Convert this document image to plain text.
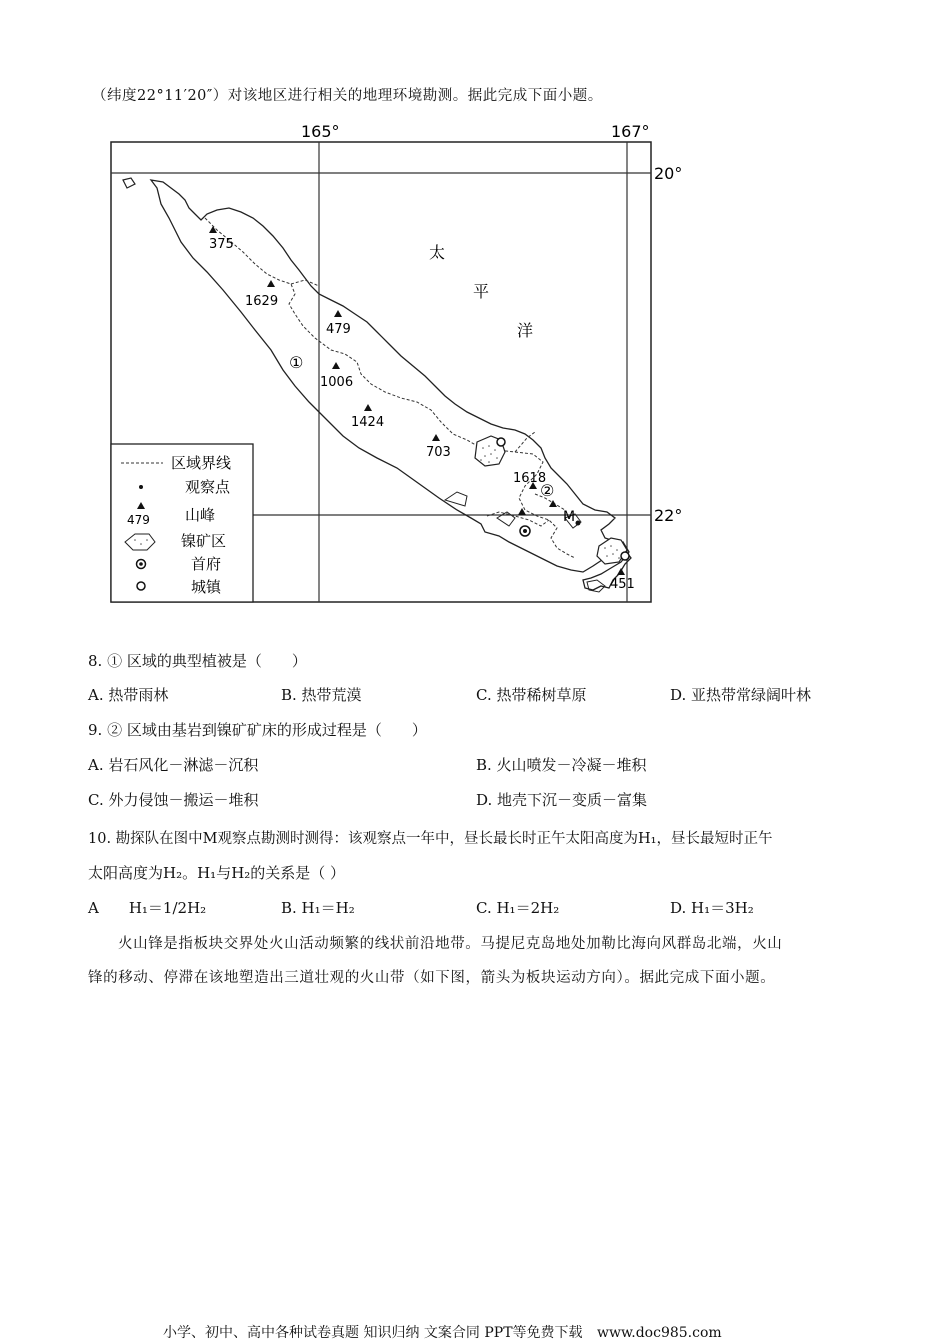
（纬度22°11′20″）对该地区进行相关的地理环境勘测。据此完成下面小题。
165°	167°
20°
22°
M
375
1629
479
1006
1424
703
1618
451
①
②
太
平
洋
区域界线
观察点
479 山峰
镍矿区
首府
城镇
8. ① 区域的典型植被是（　　）
A. 热带雨林	B. 热带荒漠	C. 热带稀树草原	D. 亚热带常绿阔叶林
9. ② 区域由基岩到镍矿矿床的形成过程是（　　）
A. 岩石风化－淋滤－沉积	B. 火山喷发－冷凝－堆积
C. 外力侵蚀－搬运－堆积	D. 地壳下沉－变质－富集
10. 勘探队在图中M观察点勘测时测得：该观察点一年中，昼长最长时正午太阳高度为H₁，昼长最短时正午
太阳高度为H₂。H₁与H₂的关系是（ ）
A　　H₁＝1/2H₂	B. H₁＝H₂	C. H₁＝2H₂	D. H₁＝3H₂
火山锋是指板块交界处火山活动频繁的线状前沿地带。马提尼克岛地处加勒比海向风群岛北端，火山
锋的移动、停滞在该地塑造出三道壮观的火山带（如下图，箭头为板块运动方向）。据此完成下面小题。
小学、初中、高中各种试卷真题 知识归纳 文案合同 PPT等免费下载 www.doc985.com
